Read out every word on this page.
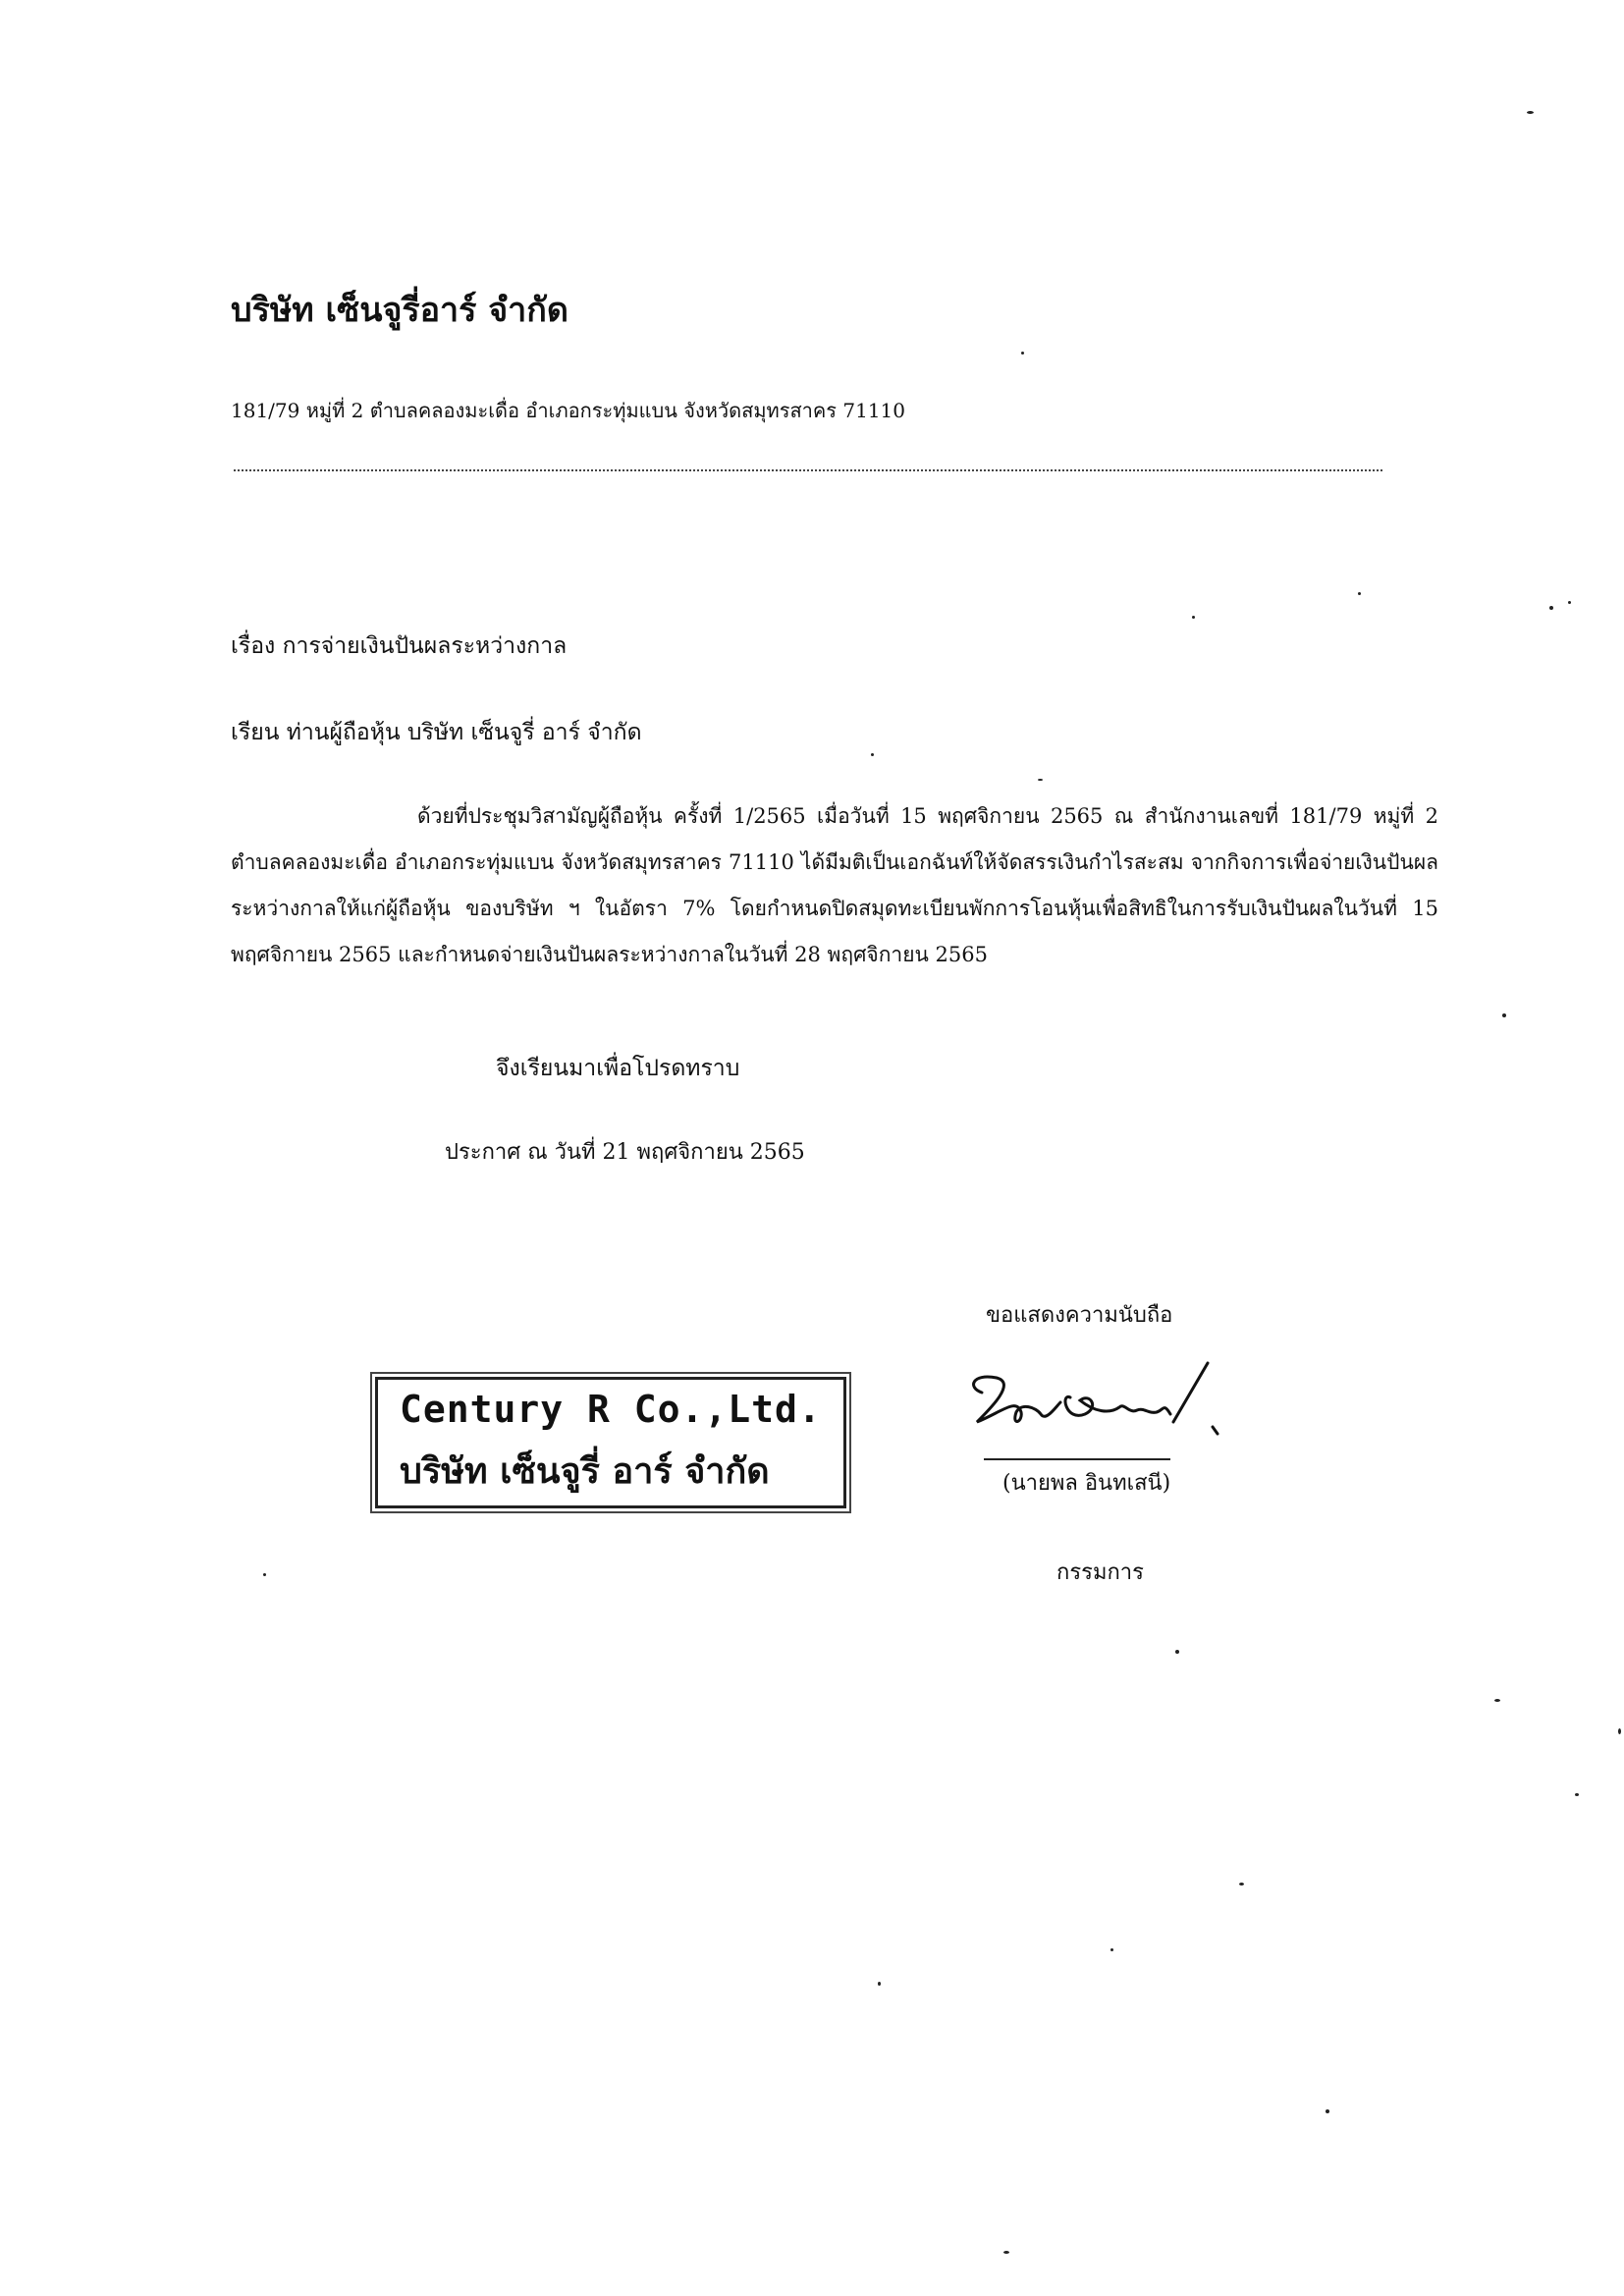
บริษัท เซ็นจูรี่อาร์ จำกัด
181/79 หมู่ที่ 2 ตำบลคลองมะเดื่อ อำเภอกระทุ่มแบน จังหวัดสมุทรสาคร 71110
เรื่อง การจ่ายเงินปันผลระหว่างกาล
เรียน ท่านผู้ถือหุ้น บริษัท เซ็นจูรี่ อาร์ จำกัด

ด้วยที่ประชุมวิสามัญผู้ถือหุ้น ครั้งที่ 1/2565 เมื่อวันที่ 15 พฤศจิกายน 2565 ณ สำนักงานเลขที่ 181/79 หมู่ที่ 2 ตำบลคลองมะเดื่อ อำเภอกระทุ่มแบน จังหวัดสมุทรสาคร 71110 ได้มีมติเป็นเอกฉันท์ให้จัดสรรเงินกำไรสะสม จากกิจการเพื่อจ่ายเงินปันผลระหว่างกาลให้แก่ผู้ถือหุ้น ของบริษัท ฯ ในอัตรา 7% โดยกำหนดปิดสมุดทะเบียนพักการโอนหุ้นเพื่อสิทธิในการรับเงินปันผลในวันที่ 15 พฤศจิกายน 2565 และกำหนดจ่ายเงินปันผลระหว่างกาลในวันที่ 28 พฤศจิกายน 2565

จึงเรียนมาเพื่อโปรดทราบ
ประกาศ ณ วันที่ 21 พฤศจิกายน 2565
ขอแสดงความนับถือ
(นายพล อินทเสนี)
กรรมการ
Century R Co.,Ltd.
บริษัท เซ็นจูรี่ อาร์ จำกัด
